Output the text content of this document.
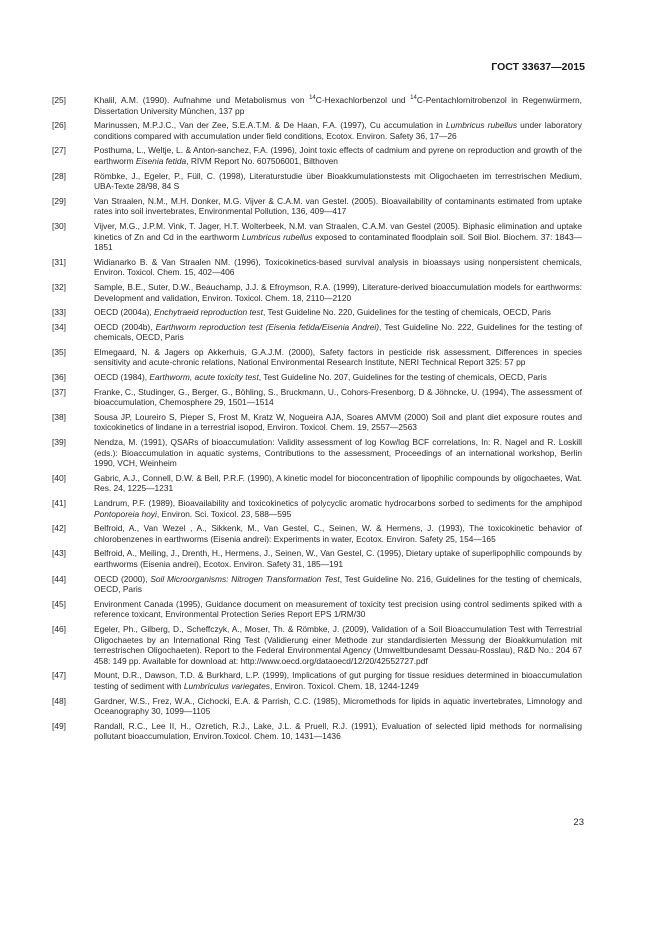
ГОСТ 33637—2015
[25]	Khalil, A.M. (1990). Aufnahme und Metabolismus von $^{14}$C-Hexachlorbenzol und $^{14}$C-Pentachlornitrobenzol in Regenwürmern, Dissertation University München, 137 pp
[26]	Marinussen, M.P.J.C., Van der Zee, S.E.A.T.M. & De Haan, F.A. (1997), Cu accumulation in Lumbricus rubellus under laboratory conditions compared with accumulation under field conditions, Ecotox. Environ. Safety 36, 17—26
[27]	Posthuma, L., Weltje, L. & Anton-sanchez, F.A. (1996), Joint toxic effects of cadmium and pyrene on reproduction and growth of the earthworm Eisenia fetida, RIVM Report No. 607506001, Bilthoven
[28]	Römbke, J., Egeler, P., Füll, C. (1998), Literaturstudie über Bioakkumulationstests mit Oligochaeten im terrestrischen Medium, UBA-Texte 28/98, 84 S
[29]	Van Straalen, N.M., M.H. Donker, M.G. Vijver & C.A.M. van Gestel. (2005). Bioavailability of contaminants estimated from uptake rates into soil invertebrates, Environmental Pollution, 136, 409—417
[30]	Vijver, M.G., J.P.M. Vink, T. Jager, H.T. Wolterbeek, N.M. van Straalen, C.A.M. van Gestel (2005). Biphasic elimination and uptake kinetics of Zn and Cd in the earthworm Lumbricus rubellus exposed to contaminated floodplain soil. Soil Biol. Biochem. 37: 1843—1851
[31]	Widianarko B. & Van Straalen NM. (1996), Toxicokinetics-based survival analysis in bioassays using nonpersistent chemicals, Environ. Toxicol. Chem. 15, 402—406
[32]	Sample, B.E., Suter, D.W., Beauchamp, J.J. & Efroymson, R.A. (1999), Literature-derived bioaccumulation models for earthworms: Development and validation, Environ. Toxicol. Chem. 18, 2110—2120
[33]	OECD (2004a), Enchytraeid reproduction test, Test Guideline No. 220, Guidelines for the testing of chemicals, OECD, Paris
[34]	OECD (2004b), Earthworm reproduction test (Eisenia fetida/Eisenia Andrei), Test Guideline No. 222, Guidelines for the testing of chemicals, OECD, Paris
[35]	Elmegaard, N. & Jagers op Akkerhuis, G.A.J.M. (2000), Safety factors in pesticide risk assessment, Differences in species sensitivity and acute-chronic relations, National Environmental Research Institute, NERI Technical Report 325: 57 pp
[36]	OECD (1984), Earthworm, acute toxicity test, Test Guideline No. 207, Guidelines for the testing of chemicals, OECD, Paris
[37]	Franke, C., Studinger, G., Berger, G., Böhling, S., Bruckmann, U., Cohors-Fresenborg, D & Jöhncke, U. (1994), The assessment of bioaccumulation, Chemosphere 29, 1501—1514
[38]	Sousa JP, Loureiro S, Pieper S, Frost M, Kratz W, Nogueira AJA, Soares AMVM (2000) Soil and plant diet exposure routes and toxicokinetics of lindane in a terrestrial isopod, Environ. Toxicol. Chem. 19, 2557—2563
[39]	Nendza, M. (1991), QSARs of bioaccumulation: Validity assessment of log Kow/log BCF correlations, In: R. Nagel and R. Loskill (eds.): Bioaccumulation in aquatic systems, Contributions to the assessment, Proceedings of an international workshop, Berlin 1990, VCH, Weinheim
[40]	Gabric, A.J., Connell, D.W. & Bell, P.R.F. (1990), A kinetic model for bioconcentration of lipophilic compounds by oligochaetes, Wat. Res. 24, 1225—1231
[41]	Landrum, P.F. (1989), Bioavailability and toxicokinetics of polycyclic aromatic hydrocarbons sorbed to sediments for the amphipod Pontoporeia hoyi, Environ. Sci. Toxicol. 23, 588—595
[42]	Belfroid, A., Van Wezel , A., Sikkenk, M., Van Gestel, C., Seinen, W. & Hermens, J. (1993), The toxicokinetic behavior of chlorobenzenes in earthworms (Eisenia andrei): Experiments in water, Ecotox. Environ. Safety 25, 154—165
[43]	Belfroid, A., Meiling, J., Drenth, H., Hermens, J., Seinen, W., Van Gestel, C. (1995), Dietary uptake of superlipophilic compounds by earthworms (Eisenia andrei), Ecotox. Environ. Safety 31, 185—191
[44]	OECD (2000), Soil Microorganisms: Nitrogen Transformation Test, Test Guideline No. 216, Guidelines for the testing of chemicals, OECD, Paris
[45]	Environment Canada (1995), Guidance document on measurement of toxicity test precision using control sediments spiked with a reference toxicant, Environmental Protection Series Report EPS 1/RM/30
[46]	Egeler, Ph., Gilberg, D., Scheffczyk, A., Moser, Th. & Römbke, J. (2009), Validation of a Soil Bioaccumulation Test with Terrestrial Oligochaetes by an International Ring Test (Validierung einer Methode zur standardisierten Messung der Bioakkumulation mit terrestrischen Oligochaeten). Report to the Federal Environmental Agency (Umweltbundesamt Dessau-Rosslau), R&D No.: 204 67 458: 149 pp. Available for download at: http://www.oecd.org/dataoecd/12/20/42552727.pdf
[47]	Mount, D.R., Dawson, T.D. & Burkhard, L.P. (1999), Implications of gut purging for tissue residues determined in bioaccumulation testing of sediment with Lumbriculus variegates, Environ. Toxicol. Chem. 18, 1244-1249
[48]	Gardner, W.S., Frez, W.A., Cichocki, E.A. & Parrish, C.C. (1985), Micromethods for lipids in aquatic invertebrates, Limnology and Oceanography 30, 1099—1105
[49]	Randall, R.C., Lee II, H., Ozretich, R.J., Lake, J.L. & Pruell, R.J. (1991), Evaluation of selected lipid methods for normalising pollutant bioaccumulation, Environ.Toxicol. Chem. 10, 1431—1436
23
